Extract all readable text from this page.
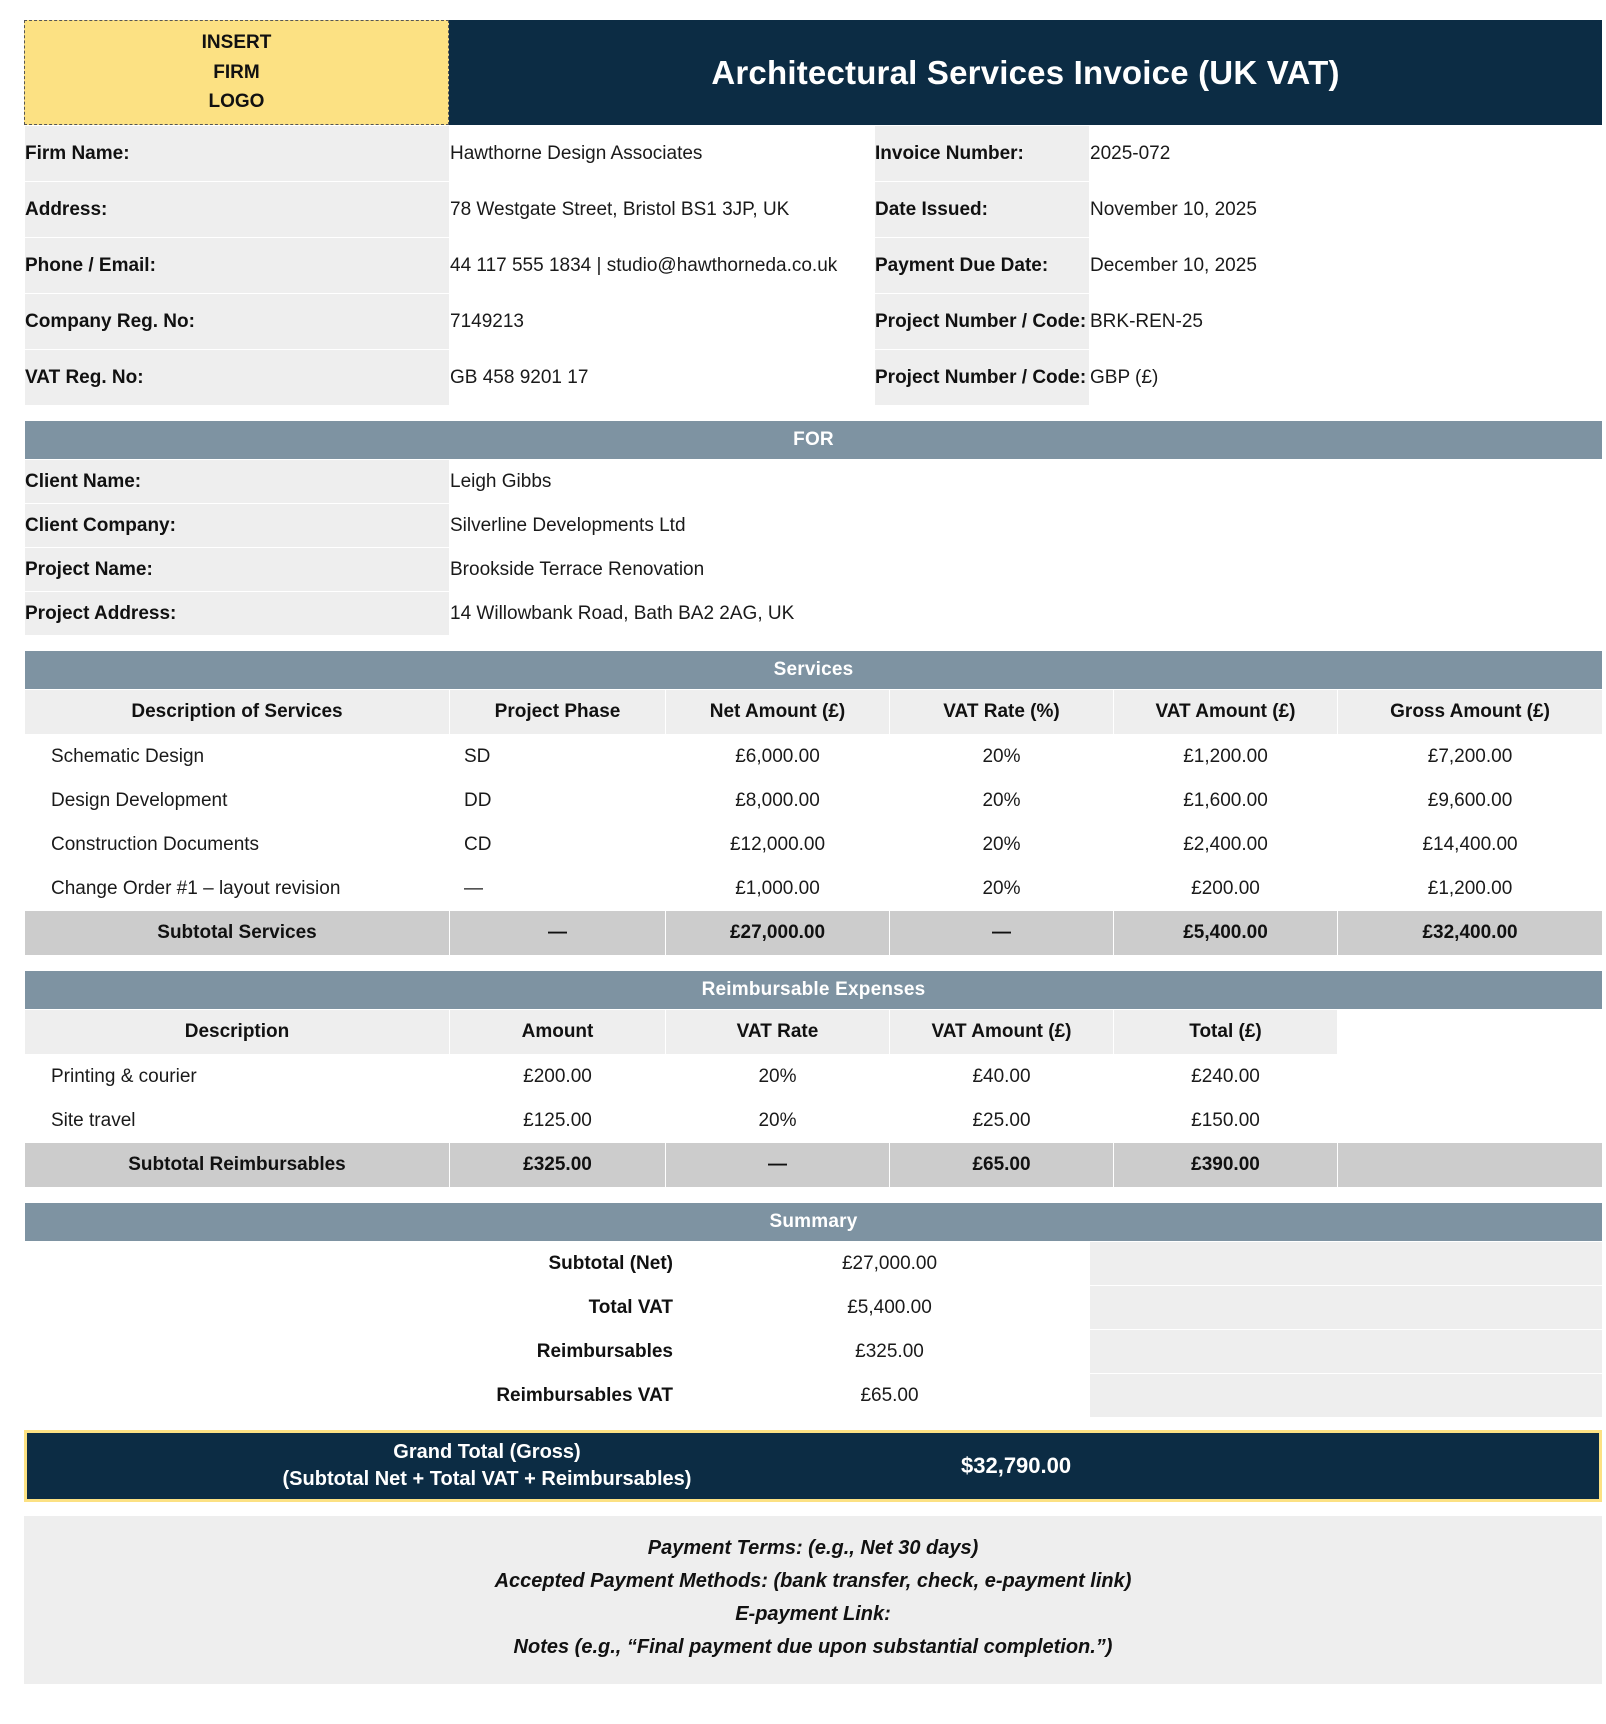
INSERT
FIRM
LOGO
Architectural Services Invoice (UK VAT)
Firm Name:	Hawthorne Design Associates	Invoice Number:	2025-072
Address:	78 Westgate Street, Bristol BS1 3JP, UK	Date Issued:	November 10, 2025
Phone / Email:	44 117 555 1834 | studio@hawthorneda.co.uk	Payment Due Date:	December 10, 2025
Company Reg. No:	7149213	Project Number / Code:	BRK-REN-25
VAT Reg. No:	GB 458 9201 17	Project Number / Code:	GBP (£)
FOR	
Client Name:	Leigh Gibbs
Client Company:	Silverline Developments Ltd
Project Name:	Brookside Terrace Renovation
Project Address:	14 Willowbank Road, Bath BA2 2AG, UK
Services					
Description of Services	Project Phase	Net Amount (£)	VAT Rate (%)	VAT Amount (£)	Gross Amount (£)
Schematic Design	SD	£6,000.00	20%	£1,200.00	£7,200.00
Design Development	DD	£8,000.00	20%	£1,600.00	£9,600.00
Construction Documents	CD	£12,000.00	20%	£2,400.00	£14,400.00
Change Order #1 – layout revision	—	£1,000.00	20%	£200.00	£1,200.00
Subtotal Services	—	£27,000.00	—	£5,400.00	£32,400.00
Reimbursable Expenses					
Description	Amount	VAT Rate	VAT Amount (£)	Total (£)	
Printing & courier	£200.00	20%	£40.00	£240.00	
Site travel	£125.00	20%	£25.00	£150.00	
Subtotal Reimbursables	£325.00	—	£65.00	£390.00	
Summary			
	Subtotal (Net)	£27,000.00	
	Total VAT	£5,400.00	
	Reimbursables	£325.00	
	Reimbursables VAT	£65.00	
Grand Total (Gross)
(Subtotal Net + Total VAT + Reimbursables)
$32,790.00
Payment Terms: (e.g., Net 30 days)
Accepted Payment Methods: (bank transfer, check, e-payment link)
E-payment Link:
Notes (e.g., “Final payment due upon substantial completion.”)
